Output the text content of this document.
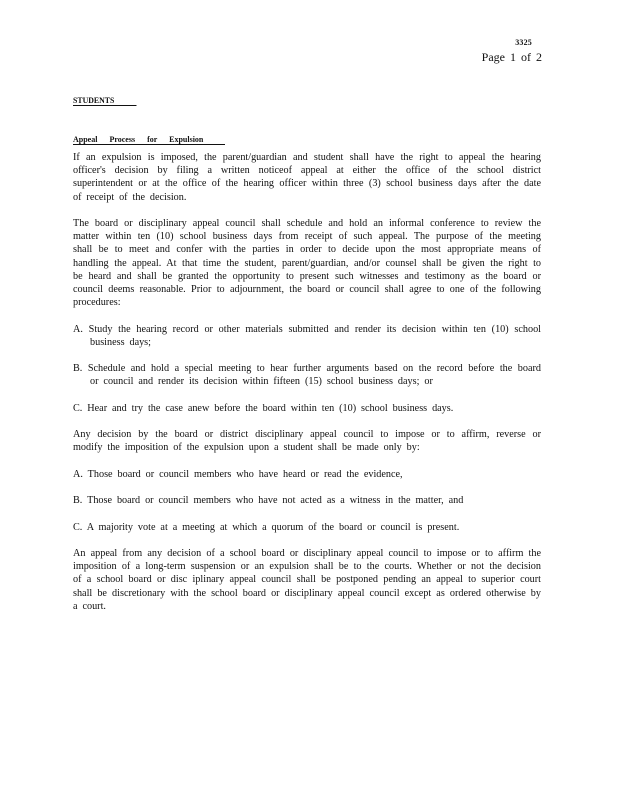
3325
Page 1 of 2
STUDENTS
Appeal Process for Expulsion

If an expulsion is imposed, the parent/guardian and student shall have the right to appeal the hearing officer's decision by filing a written noticeof appeal at either the office of the school district superintendent or at the office of the hearing officer within three (3) school business days after the date of receipt of the decision.

The board or disciplinary appeal council shall schedule and hold an informal conference to review the matter within ten (10) school business days from receipt of such appeal. The purpose of the meeting shall be to meet and confer with the parties in order to decide upon the most appropriate means of handling the appeal. At that time the student, parent/guardian, and/or counsel shall be given the right to be heard and shall be granted the opportunity to present such witnesses and testimony as the board or council deems reasonable. Prior to adjournment, the board or council shall agree to one of the following procedures:

A. Study the hearing record or other materials submitted and render its decision within ten (10) school business days;

B. Schedule and hold a special meeting to hear further arguments based on the record before the board or council and render its decision within fifteen (15) school business days; or

C. Hear and try the case anew before the board within ten (10) school business days.

Any decision by the board or district disciplinary appeal council to impose or to affirm, reverse or modify the imposition of the expulsion upon a student shall be made only by:

A. Those board or council members who have heard or read the evidence,

B. Those board or council members who have not acted as a witness in the matter, and

C. A majority vote at a meeting at which a quorum of the board or council is present.

An appeal from any decision of a school board or disciplinary appeal council to impose or to affirm the imposition of a long-term suspension or an expulsion shall be to the courts. Whether or not the decision of a school board or disc iplinary appeal council shall be postponed pending an appeal to superior court shall be discretionary with the school board or disciplinary appeal council except as ordered otherwise by a court.
